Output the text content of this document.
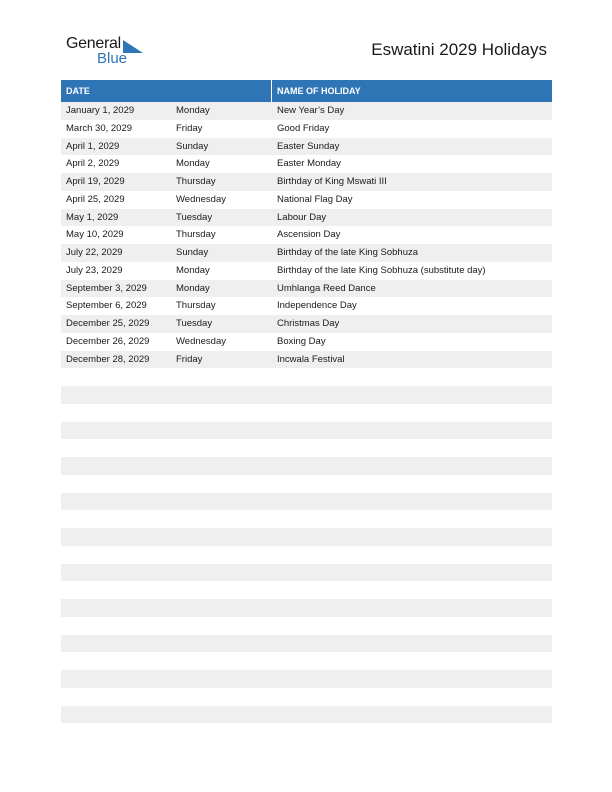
General
Blue	Eswatini 2029 Holidays
DATE	NAME OF HOLIDAY
January 1, 2029	Monday	New Year’s Day
March 30, 2029	Friday	Good Friday
April 1, 2029	Sunday	Easter Sunday
April 2, 2029	Monday	Easter Monday
April 19, 2029	Thursday	Birthday of King Mswati III
April 25, 2029	Wednesday	National Flag Day
May 1, 2029	Tuesday	Labour Day
May 10, 2029	Thursday	Ascension Day
July 22, 2029	Sunday	Birthday of the late King Sobhuza
July 23, 2029	Monday	Birthday of the late King Sobhuza (substitute day)
September 3, 2029	Monday	Umhlanga Reed Dance
September 6, 2029	Thursday	Independence Day
December 25, 2029	Tuesday	Christmas Day
December 26, 2029	Wednesday	Boxing Day
December 28, 2029	Friday	Incwala Festival
